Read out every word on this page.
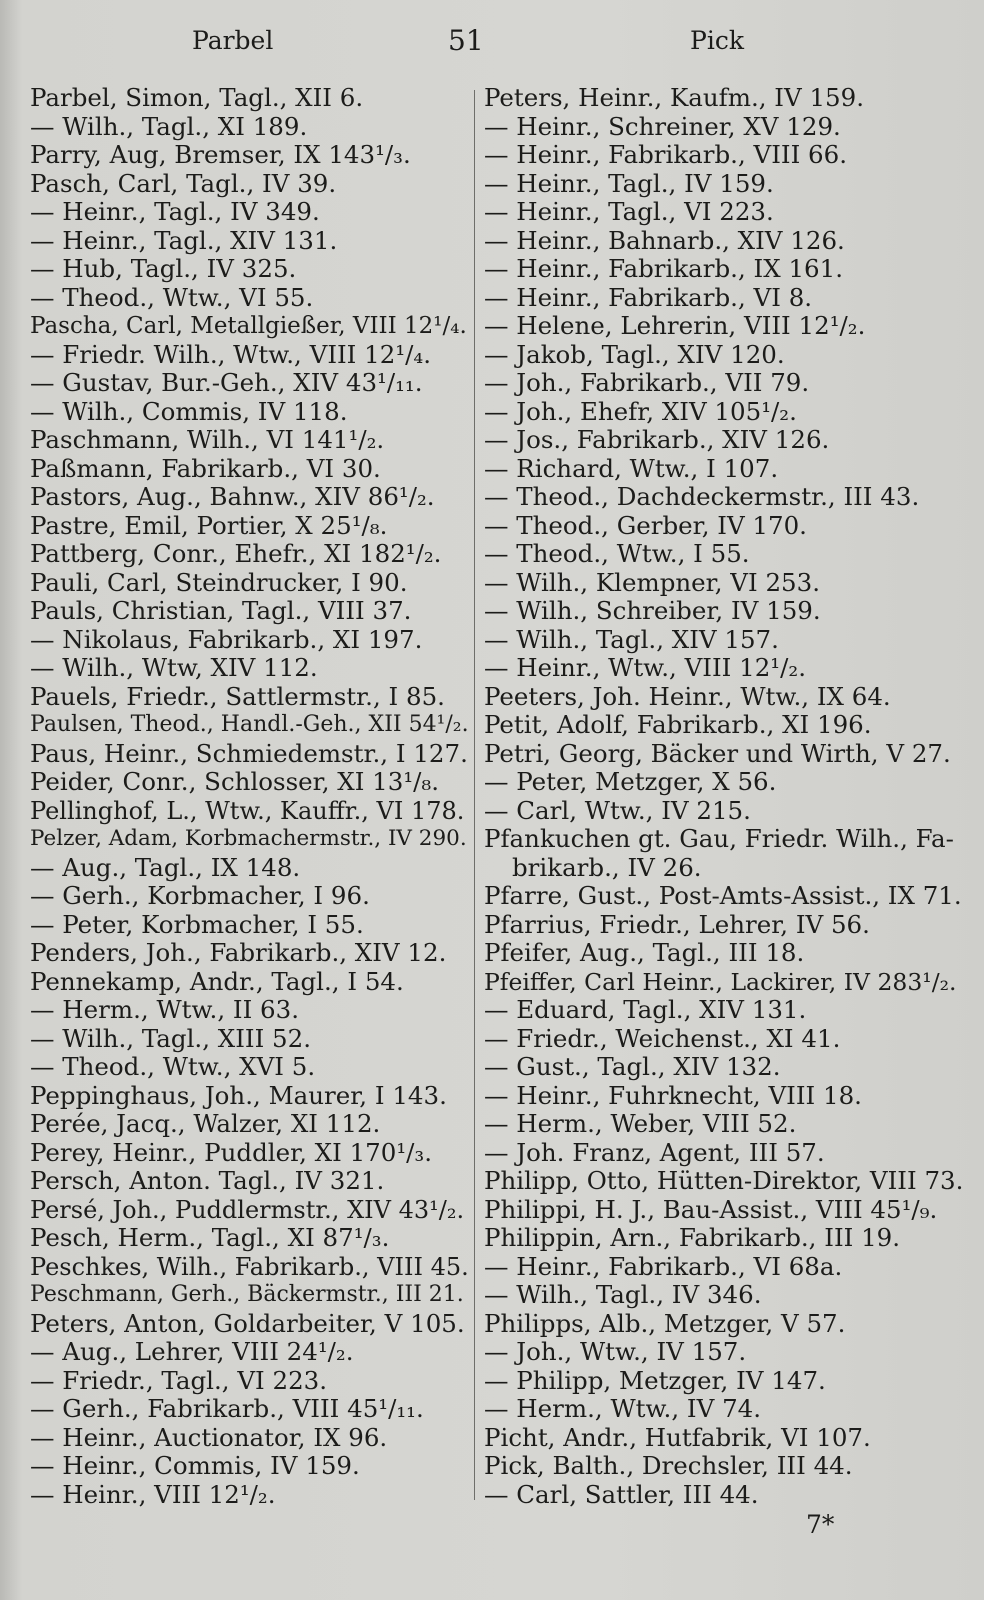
Parbel	51	Pick
Parbel, Simon, Tagl., XII 6.
— Wilh., Tagl., XI 189.
Parry, Aug, Bremser, IX 143¹/₃.
Pasch, Carl, Tagl., IV 39.
— Heinr., Tagl., IV 349.
— Heinr., Tagl., XIV 131.
— Hub, Tagl., IV 325.
— Theod., Wtw., VI 55.
Pascha, Carl, Metallgießer, VIII 12¹/₄.
— Friedr. Wilh., Wtw., VIII 12¹/₄.
— Gustav, Bur.-Geh., XIV 43¹/₁₁.
— Wilh., Commis, IV 118.
Paschmann, Wilh., VI 141¹/₂.
Paßmann, Fabrikarb., VI 30.
Pastors, Aug., Bahnw., XIV 86¹/₂.
Pastre, Emil, Portier, X 25¹/₈.
Pattberg, Conr., Ehefr., XI 182¹/₂.
Pauli, Carl, Steindrucker, I 90.
Pauls, Christian, Tagl., VIII 37.
— Nikolaus, Fabrikarb., XI 197.
— Wilh., Wtw, XIV 112.
Pauels, Friedr., Sattlermstr., I 85.
Paulsen, Theod., Handl.-Geh., XII 54¹/₂.
Paus, Heinr., Schmiedemstr., I 127.
Peider, Conr., Schlosser, XI 13¹/₈.
Pellinghof, L., Wtw., Kauffr., VI 178.
Pelzer, Adam, Korbmachermstr., IV 290.
— Aug., Tagl., IX 148.
— Gerh., Korbmacher, I 96.
— Peter, Korbmacher, I 55.
Penders, Joh., Fabrikarb., XIV 12.
Pennekamp, Andr., Tagl., I 54.
— Herm., Wtw., II 63.
— Wilh., Tagl., XIII 52.
— Theod., Wtw., XVI 5.
Peppinghaus, Joh., Maurer, I 143.
Perée, Jacq., Walzer, XI 112.
Perey, Heinr., Puddler, XI 170¹/₃.
Persch, Anton. Tagl., IV 321.
Persé, Joh., Puddlermstr., XIV 43¹/₂.
Pesch, Herm., Tagl., XI 87¹/₃.
Peschkes, Wilh., Fabrikarb., VIII 45.
Peschmann, Gerh., Bäckermstr., III 21.
Peters, Anton, Goldarbeiter, V 105.
— Aug., Lehrer, VIII 24¹/₂.
— Friedr., Tagl., VI 223.
— Gerh., Fabrikarb., VIII 45¹/₁₁.
— Heinr., Auctionator, IX 96.
— Heinr., Commis, IV 159.
— Heinr., VIII 12¹/₂.
Peters, Heinr., Kaufm., IV 159.
— Heinr., Schreiner, XV 129.
— Heinr., Fabrikarb., VIII 66.
— Heinr., Tagl., IV 159.
— Heinr., Tagl., VI 223.
— Heinr., Bahnarb., XIV 126.
— Heinr., Fabrikarb., IX 161.
— Heinr., Fabrikarb., VI 8.
— Helene, Lehrerin, VIII 12¹/₂.
— Jakob, Tagl., XIV 120.
— Joh., Fabrikarb., VII 79.
— Joh., Ehefr, XIV 105¹/₂.
— Jos., Fabrikarb., XIV 126.
— Richard, Wtw., I 107.
— Theod., Dachdeckermstr., III 43.
— Theod., Gerber, IV 170.
— Theod., Wtw., I 55.
— Wilh., Klempner, VI 253.
— Wilh., Schreiber, IV 159.
— Wilh., Tagl., XIV 157.
— Heinr., Wtw., VIII 12¹/₂.
Peeters, Joh. Heinr., Wtw., IX 64.
Petit, Adolf, Fabrikarb., XI 196.
Petri, Georg, Bäcker und Wirth, V 27.
— Peter, Metzger, X 56.
— Carl, Wtw., IV 215.
Pfankuchen gt. Gau, Friedr. Wilh., Fa-
brikarb., IV 26.
Pfarre, Gust., Post-Amts-Assist., IX 71.
Pfarrius, Friedr., Lehrer, IV 56.
Pfeifer, Aug., Tagl., III 18.
Pfeiffer, Carl Heinr., Lackirer, IV 283¹/₂.
— Eduard, Tagl., XIV 131.
— Friedr., Weichenst., XI 41.
— Gust., Tagl., XIV 132.
— Heinr., Fuhrknecht, VIII 18.
— Herm., Weber, VIII 52.
— Joh. Franz, Agent, III 57.
Philipp, Otto, Hütten-Direktor, VIII 73.
Philippi, H. J., Bau-Assist., VIII 45¹/₉.
Philippin, Arn., Fabrikarb., III 19.
— Heinr., Fabrikarb., VI 68a.
— Wilh., Tagl., IV 346.
Philipps, Alb., Metzger, V 57.
— Joh., Wtw., IV 157.
— Philipp, Metzger, IV 147.
— Herm., Wtw., IV 74.
Picht, Andr., Hutfabrik, VI 107.
Pick, Balth., Drechsler, III 44.
— Carl, Sattler, III 44.
7*
